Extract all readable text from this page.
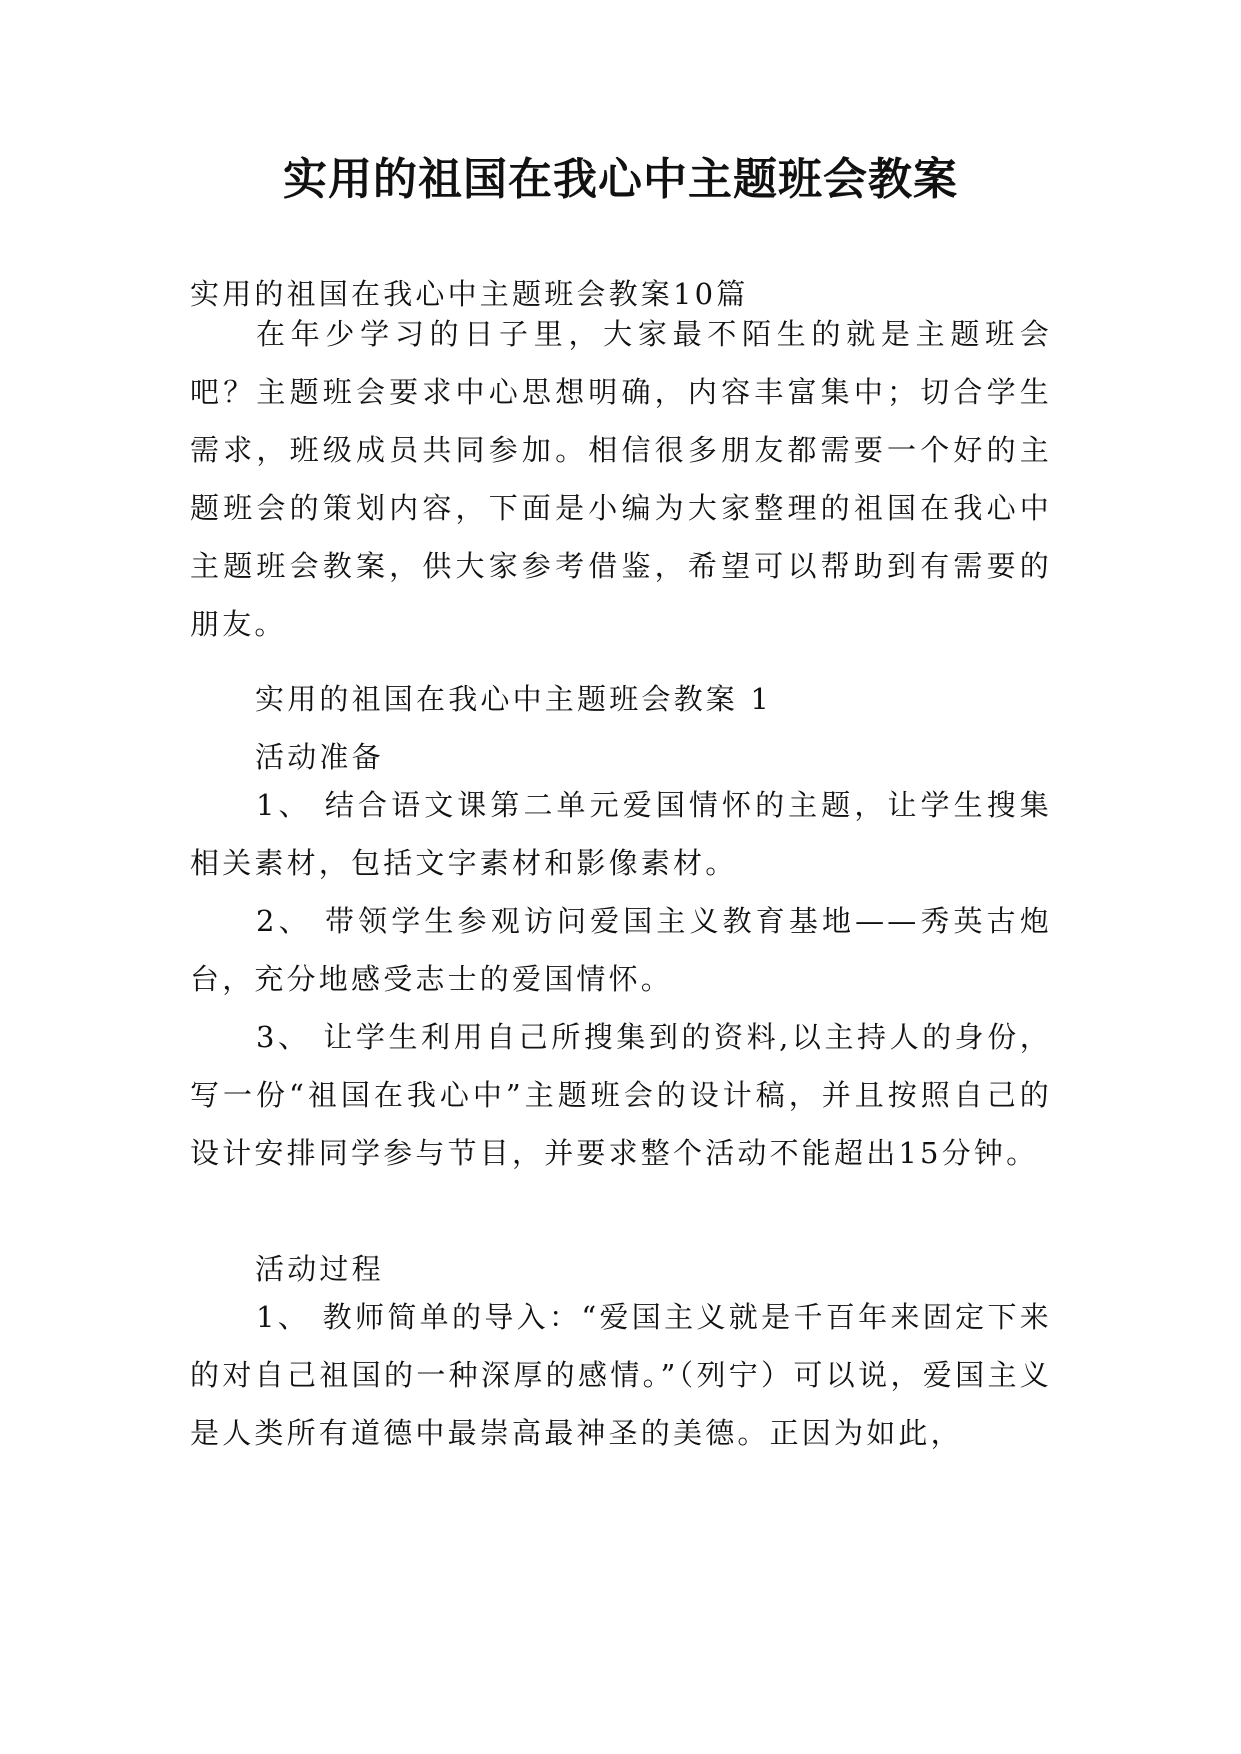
实用的祖国在我心中主题班会教案

实用的祖国在我心中主题班会教案10篇

在年少学习的日子里，大家最不陌生的就是主题班会吧？主题班会要求中心思想明确，内容丰富集中；切合学生需求，班级成员共同参加。相信很多朋友都需要一个好的主题班会的策划内容，下面是小编为大家整理的祖国在我心中主题班会教案，供大家参考借鉴，希望可以帮助到有需要的朋友。

实用的祖国在我心中主题班会教案 1

活动准备

1、 结合语文课第二单元爱国情怀的主题，让学生搜集相关素材，包括文字素材和影像素材。

2、 带领学生参观访问爱国主义教育基地——秀英古炮台，充分地感受志士的爱国情怀。

3、 让学生利用自己所搜集到的资料,以主持人的身份，写一份“祖国在我心中”主题班会的设计稿，并且按照自己的设计安排同学参与节目，并要求整个活动不能超出15分钟。

活动过程

1、 教师简单的导入：“爱国主义就是千百年来固定下来的对自己祖国的一种深厚的感情。”（列宁）可以说，爱国主义是人类所有道德中最崇高最神圣的美德。正因为如此，
